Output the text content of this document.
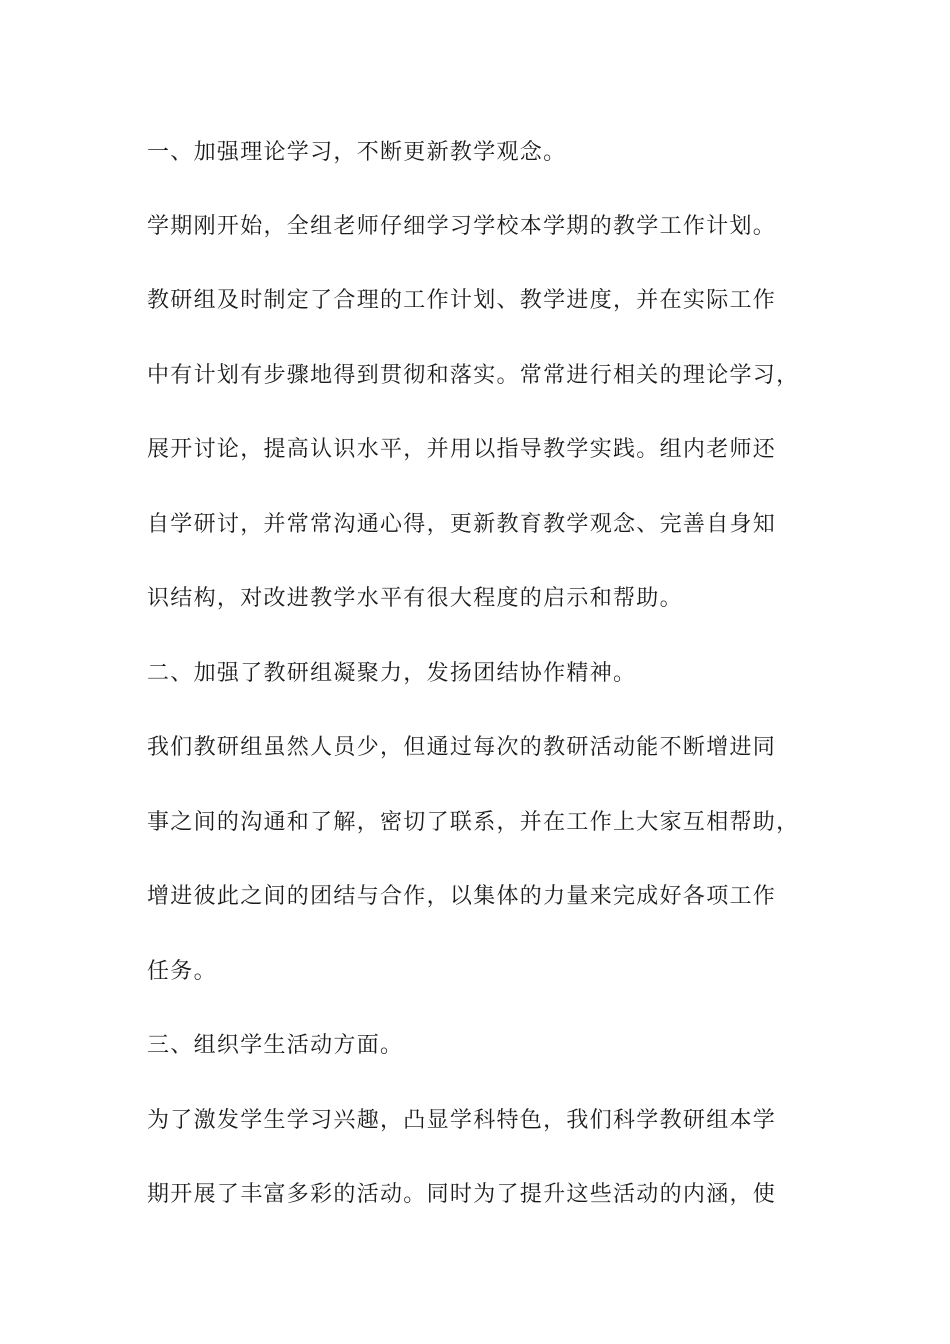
一、加强理论学习，不断更新教学观念。
学期刚开始，全组老师仔细学习学校本学期的教学工作计划。
教研组及时制定了合理的工作计划、教学进度，并在实际工作
中有计划有步骤地得到贯彻和落实。常常进行相关的理论学习，
展开讨论，提高认识水平，并用以指导教学实践。组内老师还
自学研讨，并常常沟通心得，更新教育教学观念、完善自身知
识结构，对改进教学水平有很大程度的启示和帮助。
二、加强了教研组凝聚力，发扬团结协作精神。
我们教研组虽然人员少，但通过每次的教研活动能不断增进同
事之间的沟通和了解，密切了联系，并在工作上大家互相帮助，
增进彼此之间的团结与合作，以集体的力量来完成好各项工作
任务。
三、组织学生活动方面。
为了激发学生学习兴趣，凸显学科特色，我们科学教研组本学
期开展了丰富多彩的活动。同时为了提升这些活动的内涵，使
